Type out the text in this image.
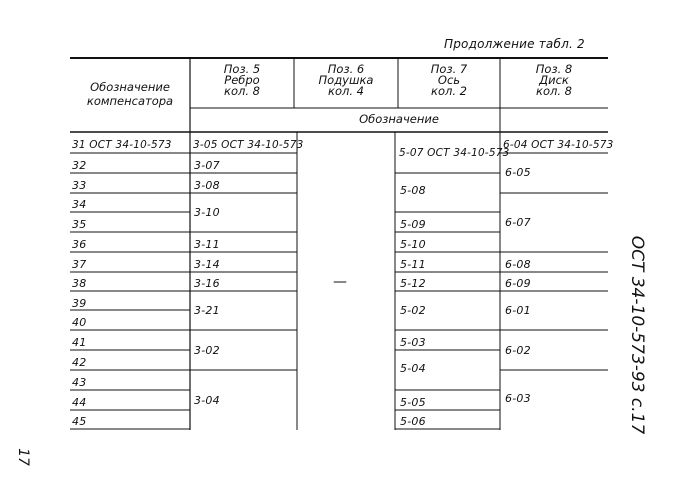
Продолжение табл. 2
Обозначение
компенсатора
Поз. 5
Ребро
кол. 8
Поз. 6
Подушка
кол. 4
Поз. 7
Ось
кол. 2
Поз. 8
Диск
кол. 8
Обозначение
31 ОСТ 34-10-573
32
33
34
35
36
37
38
39
40
41
42
43
44
45
3-05 ОСТ 34-10-573
3-07
3-08
3-10
3-11
3-14
3-16
3-21
3-02
3-04
—
5-07 ОСТ 34-10-573
5-08
5-09
5-10
5-11
5-12
5-02
5-03
5-04
5-05
5-06
6-04 ОСТ 34-10-573
6-05
6-07
6-08
6-09
6-01
6-02
6-03	ОСТ 34-10-573-93 с.17
17
